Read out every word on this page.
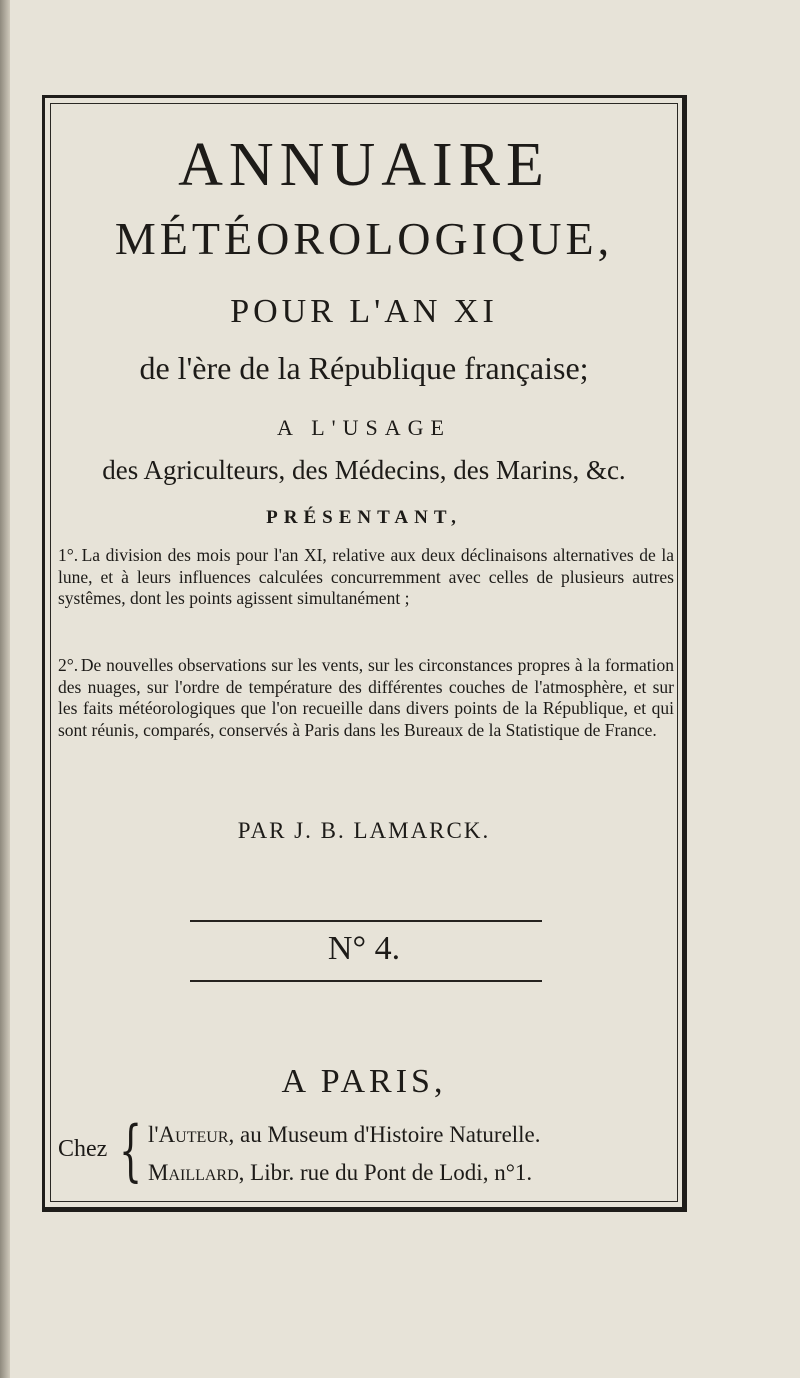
ANNUAIRE
MÉTÉOROLOGIQUE,
POUR L'AN XI
de l'ère de la République française;
A L'USAGE
des Agriculteurs, des Médecins, des Marins, &c.
PRÉSENTANT,
1°. La division des mois pour l'an XI, relative aux deux déclinaisons alternatives de la lune, et à leurs influences calculées concurremment avec celles de plusieurs autres systêmes, dont les points agissent simultanément ;
2°. De nouvelles observations sur les vents, sur les circonstances propres à la formation des nuages, sur l'ordre de température des différentes couches de l'atmosphère, et sur les faits météorologiques que l'on recueille dans divers points de la République, et qui sont réunis, comparés, conservés à Paris dans les Bureaux de la Statistique de France.
PAR J. B. LAMARCK.
N° 4.
A PARIS,
Chez { l'Auteur, au Museum d'Histoire Naturelle.
Maillard, Libr. rue du Pont de Lodi, n°1.
